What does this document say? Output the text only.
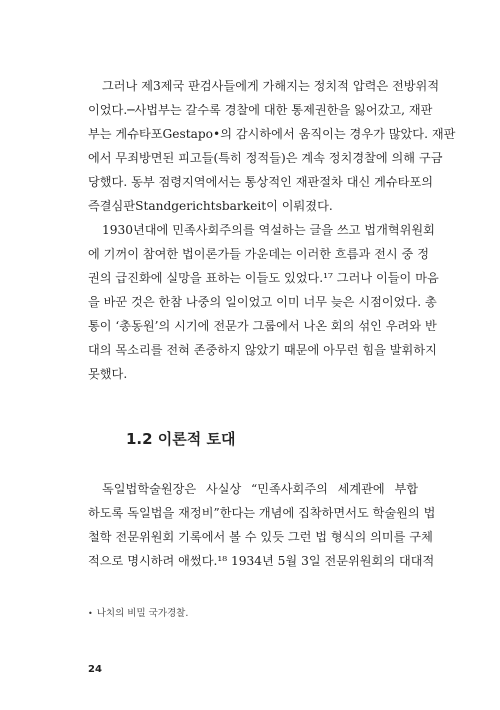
그러나 제3제국 판검사들에게 가해지는 정치적 압력은 전방위적
이었다.─사법부는 갈수록 경찰에 대한 통제권한을 잃어갔고, 재판
부는 게슈타포Gestapo•의 감시하에서 움직이는 경우가 많았다. 재판
에서 무죄방면된 피고들(특히 정적들)은 계속 정치경찰에 의해 구금
당했다. 동부 점령지역에서는 통상적인 재판절차 대신 게슈타포의
즉결심판Standgerichtsbarkeit이 이뤄졌다.
1930년대에 민족사회주의를 역설하는 글을 쓰고 법개혁위원회
에 기꺼이 참여한 법이론가들 가운데는 이러한 흐름과 전시 중 정
권의 급진화에 실망을 표하는 이들도 있었다.¹⁷ 그러나 이들이 마음
을 바꾼 것은 한참 나중의 일이었고 이미 너무 늦은 시점이었다. 총
통이 ‘총동원’의 시기에 전문가 그룹에서 나온 회의 섞인 우려와 반
대의 목소리를 전혀 존중하지 않았기 때문에 아무런 힘을 발휘하지
못했다.
1.2 이론적 토대
독일법학술원장은 사실상 “민족사회주의 세계관에 부합
하도록 독일법을 재정비”한다는 개념에 집착하면서도 학술원의 법
철학 전문위원회 기록에서 볼 수 있듯 그런 법 형식의 의미를 구체
적으로 명시하려 애썼다.¹⁸ 1934년 5월 3일 전문위원회의 대대적
• 나치의 비밀 국가경찰.
24
